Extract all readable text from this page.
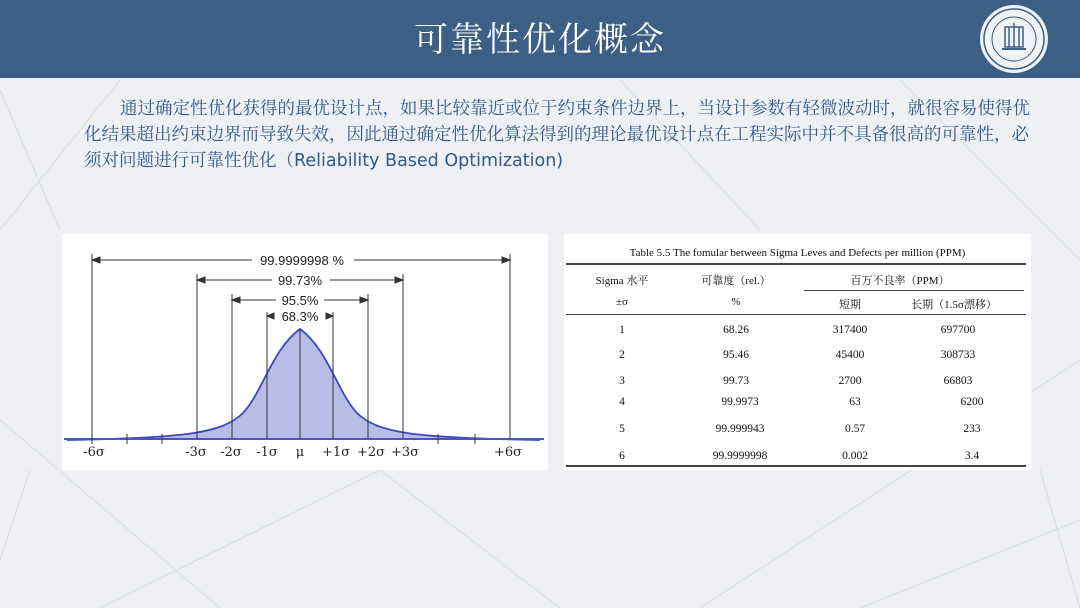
可靠性优化概念
通过确定性优化获得的最优设计点，如果比较靠近或位于约束条件边界上，当设计参数有轻微波动时，就很容易使得优化结果超出约束边界而导致失效，因此通过确定性优化算法得到的理论最优设计点在工程实际中并不具备很高的可靠性，必须对问题进行可靠性优化（Reliability Based Optimization)
99.9999998 %
99.73%
95.5%
68.3%
-6σ	-3σ -2σ -1σ μ +1σ +2σ +3σ	+6σ
Table 5.5 The fomular between Sigma Leves and Defects per million (PPM)
Sigma 水平	可靠度（rel.）	百万不良率（PPM）
±σ	%	短期	长期（1.5σ漂移）
1	68.26	317400	697700
2	95.46	45400	308733
3	99.73	2700	66803
4	99.9973	63	6200
5	99.999943	0.57	233
6	99.9999998	0.002	3.4
